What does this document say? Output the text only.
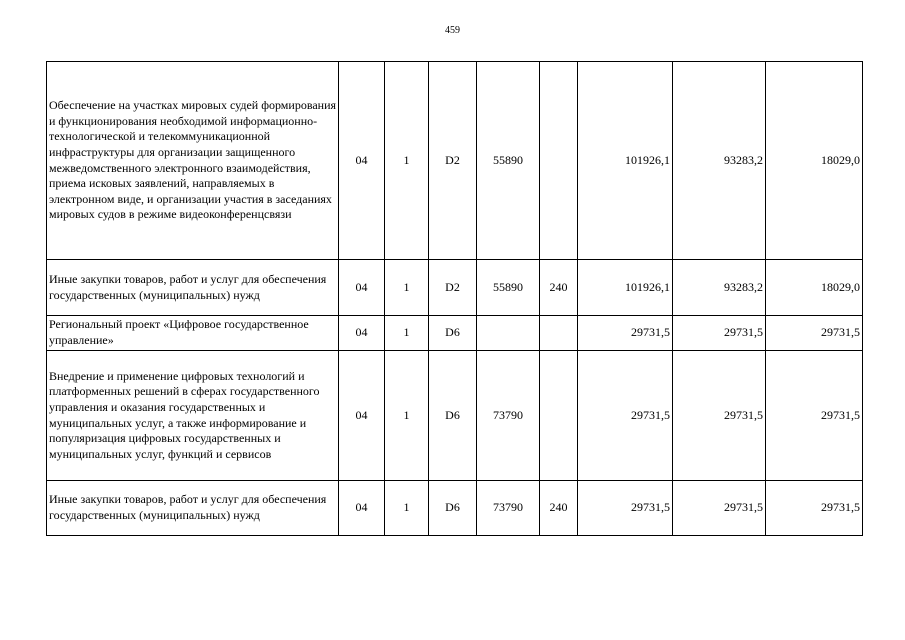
459
Обеспечение на участках мировых судей формирования и функционирования необходимой информационно-технологической и телекоммуникационной инфраструктуры для организации защищенного межведомственного электронного взаимодействия, приема исковых заявлений, направляемых в электронном виде, и организации участия в заседаниях мировых судов в режиме видеоконференцсвязи	04	1	D2	55890		101926,1	93283,2	18029,0
Иные закупки товаров, работ и услуг для обеспечения государственных (муниципальных) нужд	04	1	D2	55890	240	101926,1	93283,2	18029,0
Региональный проект «Цифровое государственное управление»	04	1	D6			29731,5	29731,5	29731,5
Внедрение и применение цифровых технологий и платформенных решений в сферах государственного управления и оказания государственных и муниципальных услуг, а также информирование и популяризация цифровых государственных и муниципальных услуг, функций и сервисов	04	1	D6	73790		29731,5	29731,5	29731,5
Иные закупки товаров, работ и услуг для обеспечения государственных (муниципальных) нужд	04	1	D6	73790	240	29731,5	29731,5	29731,5
